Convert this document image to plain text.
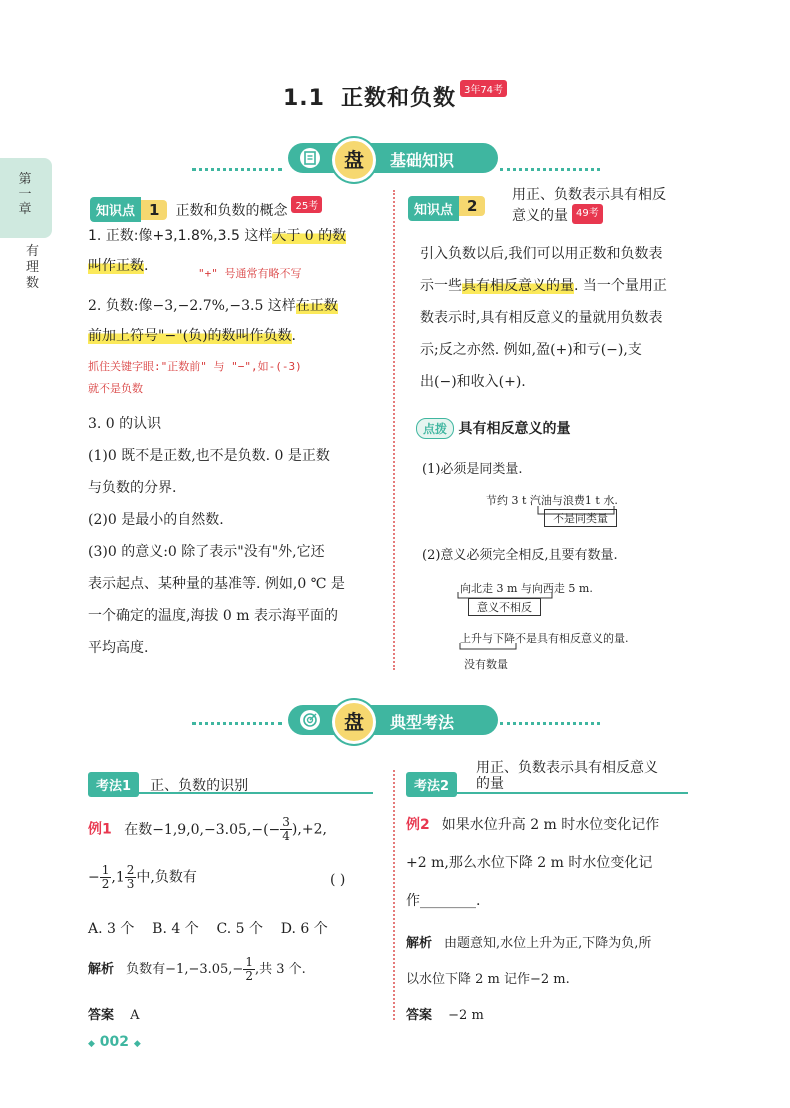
1.1 正数和负数 3年74考
第一章
有理数
盘	基础知识
知识点 1 正数和负数的概念 25考
1. 正数:像+3,1.8%,3.5 这样大于 0 的数
叫作正数.	"+" 号通常有略不写
2. 负数:像−3,−2.7%,−3.5 这样在正数
前加上符号"−"(负)的数叫作负数.
抓住关键字眼:"正数前" 与 "−",如-(-3)
就不是负数
3. 0 的认识
(1)0 既不是正数,也不是负数. 0 是正数
与负数的分界.
(2)0 是最小的自然数.
(3)0 的意义:0 除了表示"没有"外,它还
表示起点、某种量的基准等. 例如,0 ℃ 是
一个确定的温度,海拔 0 m 表示海平面的
平均高度.
知识点 2
用正、负数表示具有相反
意义的量 49考
引入负数以后,我们可以用正数和负数表
示一些具有相反意义的量. 当一个量用正
数表示时,具有相反意义的量就用负数表
示;反之亦然. 例如,盈(+)和亏(−),支
出(−)和收入(+).
点拨 具有相反意义的量
(1)必须是同类量.
节约 3 t 汽油与浪费1 t 水.
不是同类量
(2)意义必须完全相反,且要有数量.
向北走 3 m 与向西走 5 m.
意义不相反
上升与下降不是具有相反意义的量.
没有数量
盘	典型考法
考法1 正、负数的识别
例1 在数$-1,9,0,-3.05,-(- \frac{3}{4} ),+2$,
− $\frac{1}{2} ,1 \frac{2}{3}$ 中,负数有	( )
A. 3 个    B. 4 个    C. 5 个    D. 6 个
解析 负数有$-1,-3.05,- \frac{1}{2}$ ,共 3 个.
答案 A
考法2
用正、负数表示具有相反意义
的量
例2 如果水位升高 2 m 时水位变化记作
+2 m,那么水位下降 2 m 时水位变化记
作________.
解析 由题意知,水位上升为正,下降为负,所
以水位下降 2 m 记作−2 m.
答案 −2 m
◆ 002 ◆
